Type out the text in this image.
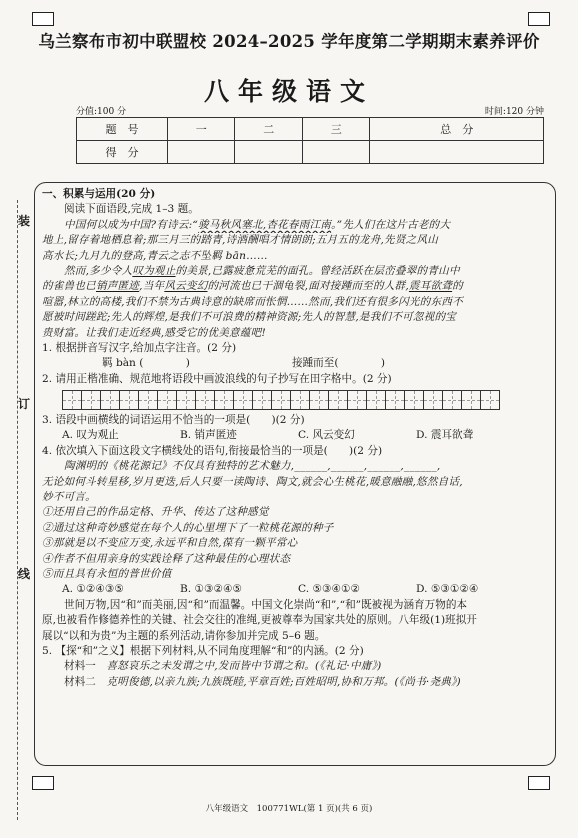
乌兰察布市初中联盟校 2024–2025 学年度第二学期期末素养评价
八年级语文
分值:100 分	时间:120 分钟
题　号	一	二	三	总　分
得　分				
装
订
线
一、积累与运用(20 分)
阅读下面语段,完成 1–3 题。
中国何以成为中国?有诗云:“骏马秋风塞北,杏花春雨江南。”先人们在这片古老的大
地上,留存着地栖息着;那三月三的踏青,诗酒酬唱才情朗朗;五月五的龙舟,先贤之风山
高水长;九月九的登高,青云之志不坠羁 bān……
然而,多少令人叹为观止的美景,已露疲惫荒芜的面孔。曾经活跃在层峦叠翠的青山中
的雀兽也已销声匿迹,当年风云变幻的河流也已干涸龟裂,面对接踵而至的人群,震耳欲聋的
喧嚣,林立的高楼,我们不禁为古典诗意的缺席而怅惘……然而,我们还有很多闪光的东西不
愿被时间蹉跎;先人的辉煌,是我们不可浪费的精神资源;先人的智慧,是我们不可忽视的宝
贵财富。让我们走近经典,感受它的优美意蕴吧!
1. 根据拼音写汉字,给加点字注音。(2 分)
羁 bàn (　　　　)	接踵而至(　　　　)
2. 请用正楷准确、规范地将语段中画波浪线的句子抄写在田字格中。(2 分)
3. 语段中画横线的词语运用不恰当的一项是(　　)(2 分)
A. 叹为观止	B. 销声匿迹	C. 风云变幻	D. 震耳欲聋
4. 依次填入下面这段文字横线处的语句,衔接最恰当的一项是(　　)(2 分)
陶渊明的《桃花源记》不仅具有独特的艺术魅力,______,______,______,______,
无论如何斗转星移,岁月更迭,后人只要一读陶诗、陶文,就会心生桃花,暖意融融,悠然自话,
妙不可言。
①还用自己的作品定格、升华、传达了这种感觉
②通过这种奇妙感觉在每个人的心里埋下了一粒桃花源的种子
③那就是以不变应万变,永远平和自然,葆有一颗平常心
④作者不但用亲身的实践诠释了这种最佳的心理状态
⑤而且具有永恒的普世价值
A. ①②④③⑤	B. ①③②④⑤	C. ⑤③④①②	D. ⑤③①②④
世间万物,因“和”而美丽,因“和”而温馨。中国文化崇尚“和”,“和”既被视为涵育万物的本
原,也被看作修德养性的关键、社会交往的准绳,更被尊奉为国家共处的原则。八年级(1)班拟开
展以“以和为贵”为主题的系列活动,请你参加并完成 5–6 题。
5. 【探“和”之义】根据下列材料,从不同角度理解“和”的内涵。(2 分)
材料一　 喜怒哀乐之未发谓之中,发而皆中节谓之和。(《礼记·中庸》)
材料二　 克明俊德,以亲九族;九族既睦,平章百姓;百姓昭明,协和万邦。(《尚书·尧典》)
八年级语文　100771WL(第 1 页)(共 6 页)
